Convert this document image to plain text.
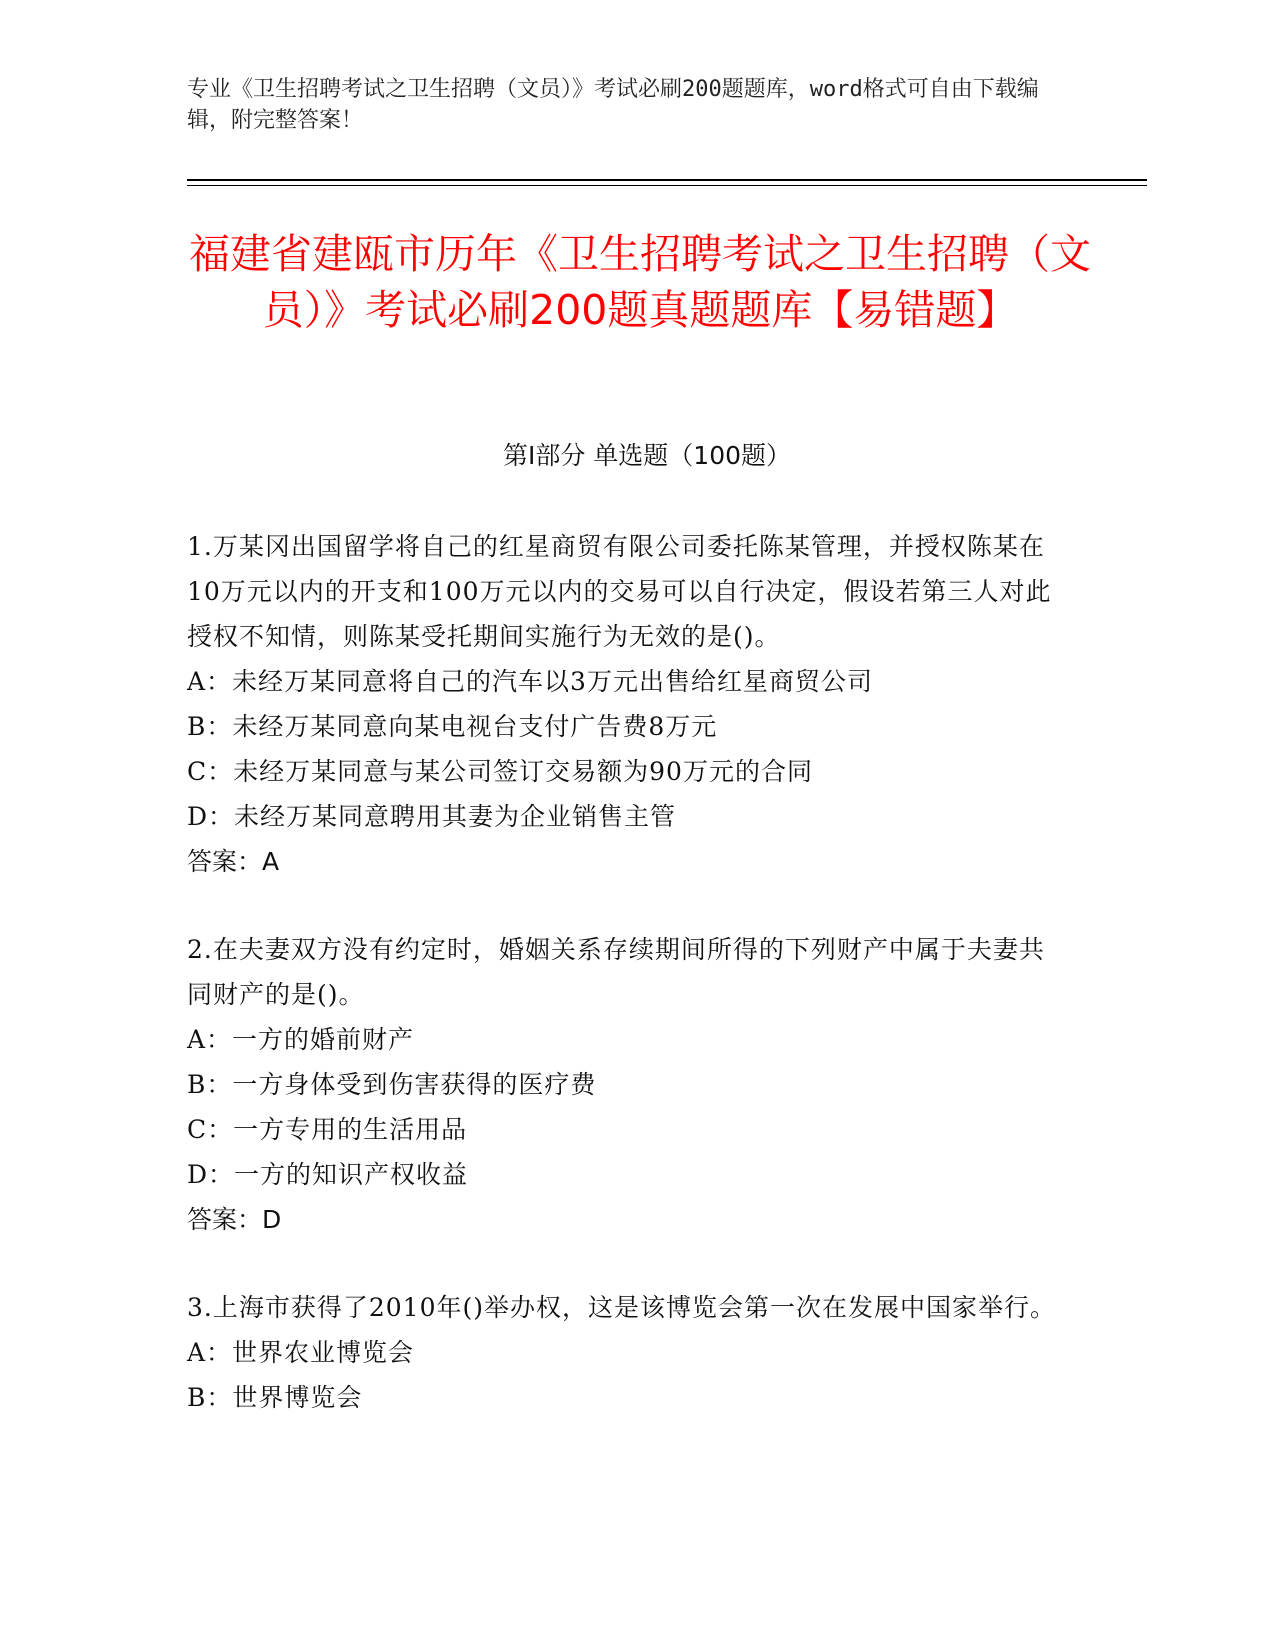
专业《卫生招聘考试之卫生招聘（文员）》考试必刷200题题库，word格式可自由下载编辑，附完整答案！
福建省建瓯市历年《卫生招聘考试之卫生招聘（文员）》考试必刷200题真题题库【易错题】
第I部分 单选题（100题）

1.万某冈出国留学将自己的红星商贸有限公司委托陈某管理，并授权陈某在10万元以内的开支和100万元以内的交易可以自行决定，假设若第三人对此授权不知情，则陈某受托期间实施行为无效的是()。

A：未经万某同意将自己的汽车以3万元出售给红星商贸公司

B：未经万某同意向某电视台支付广告费8万元

C：未经万某同意与某公司签订交易额为90万元的合同

D：未经万某同意聘用其妻为企业销售主管

答案：A

2.在夫妻双方没有约定时，婚姻关系存续期间所得的下列财产中属于夫妻共同财产的是()。

A：一方的婚前财产

B：一方身体受到伤害获得的医疗费

C：一方专用的生活用品

D：一方的知识产权收益

答案：D

3.上海市获得了2010年()举办权，这是该博览会第一次在发展中国家举行。

A：世界农业博览会

B：世界博览会
